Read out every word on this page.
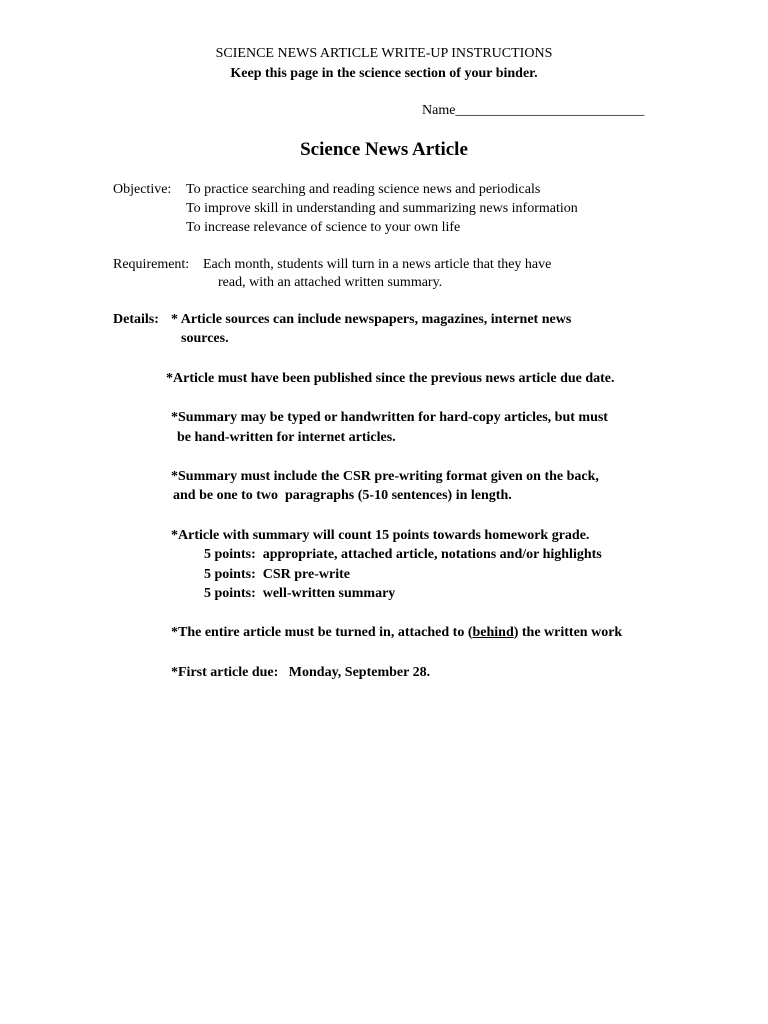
SCIENCE NEWS ARTICLE WRITE-UP INSTRUCTIONS
Keep this page in the science section of your binder.
Name___________________________
Science News Article
Objective: To practice searching and reading science news and periodicals
To improve skill in understanding and summarizing news information
To increase relevance of science to your own life
Requirement: Each month, students will turn in a news article that they have
read, with an attached written summary.
Details: * Article sources can include newspapers, magazines, internet news
sources.
*Article must have been published since the previous news article due date.
*Summary may be typed or handwritten for hard-copy articles, but must
be hand-written for internet articles.
*Summary must include the CSR pre-writing format given on the back,
and be one to two  paragraphs (5-10 sentences) in length.
*Article with summary will count 15 points towards homework grade.
5 points:  appropriate, attached article, notations and/or highlights
5 points:  CSR pre-write
5 points:  well-written summary
*The entire article must be turned in, attached to (behind) the written work
*First article due:   Monday, September 28.
